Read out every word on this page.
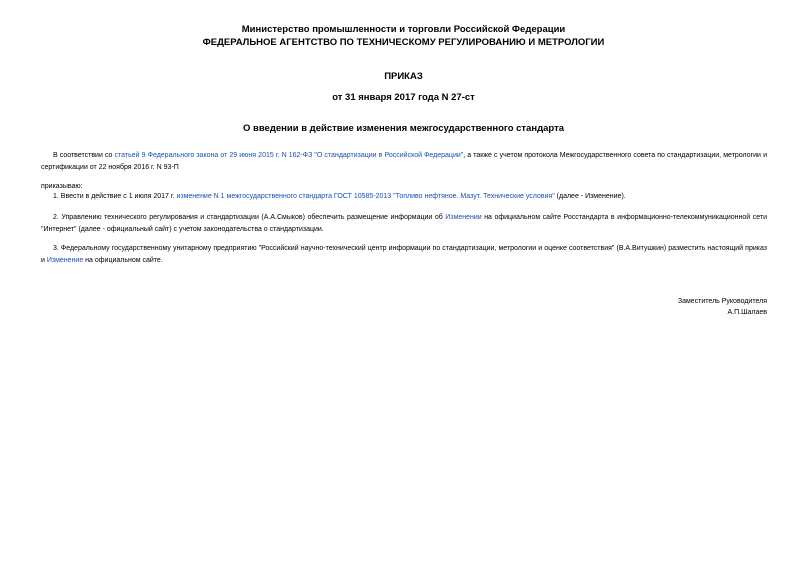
Министерство промышленности и торговли Российской Федерации
ФЕДЕРАЛЬНОЕ АГЕНТСТВО ПО ТЕХНИЧЕСКОМУ РЕГУЛИРОВАНИЮ И МЕТРОЛОГИИ
ПРИКАЗ
от 31 января 2017 года N 27-ст
О введении в действие изменения межгосударственного стандарта
В соответствии со статьей 9 Федерального закона от 29 июня 2015 г. N 162-ФЗ "О стандартизации в Российской Федерации", а также с учетом протокола Межгосударственного совета по стандартизации, метрологии и сертификации от 22 ноября 2016 г. N 93-П
приказываю:
1. Ввести в действие с 1 июля 2017 г. изменение N 1 межгосударственного стандарта ГОСТ 10585-2013 "Топливо нефтяное. Мазут. Технические условия" (далее - Изменение).
2. Управлению технического регулирования и стандартизации (А.А.Смыков) обеспечить размещение информации об Изменении на официальном сайте Росстандарта в информационно-телекоммуникационной сети "Интернет" (далее - официальный сайт) с учетом законодательства о стандартизации.
3. Федеральному государственному унитарному предприятию "Российский научно-технический центр информации по стандартизации, метрологии и оценке соответствия" (В.А.Витушкин) разместить настоящий приказ и Изменение на официальном сайте.
Заместитель Руководителя
А.П.Шалаев
